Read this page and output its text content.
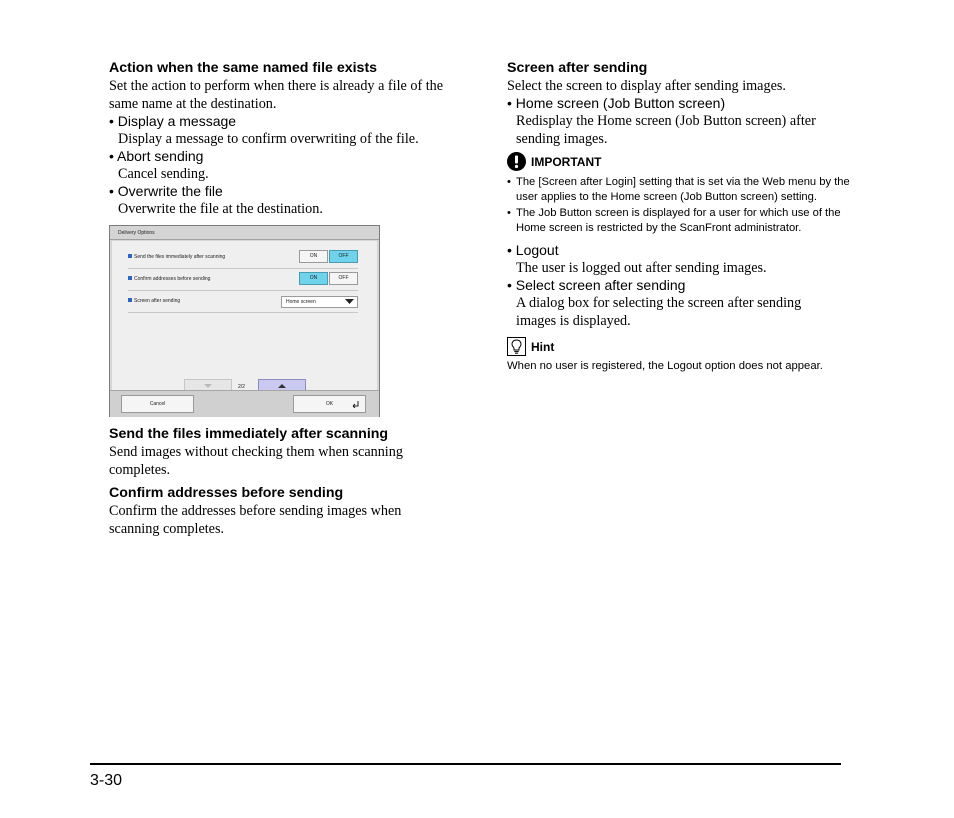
Action when the same named file exists

Set the action to perform when there is already a file of the same name at the destination.

• Display a message
Display a message to confirm overwriting of the file.
• Abort sending
Cancel sending.
• Overwrite the file
Overwrite the file at the destination.
Delivery Options
Send the files immediately after scanning	ON	OFF
Confirm addresses before sending	ON	OFF
Screen after sending	Home screen
2/2
Cancel	OK
Send the files immediately after scanning

Send images without checking them when scanning completes.

Confirm addresses before sending

Confirm the addresses before sending images when scanning completes.

Screen after sending

Select the screen to display after sending images.

• Home screen (Job Button screen)
Redisplay the Home screen (Job Button screen) after sending images.
IMPORTANT
• The [Screen after Login] setting that is set via the Web menu by the user applies to the Home screen (Job Button screen) setting.
• The Job Button screen is displayed for a user for which use of the Home screen is restricted by the ScanFront administrator.
• Logout
The user is logged out after sending images.
• Select screen after sending
A dialog box for selecting the screen after sending images is displayed.
Hint

When no user is registered, the Logout option does not appear.

3-30
